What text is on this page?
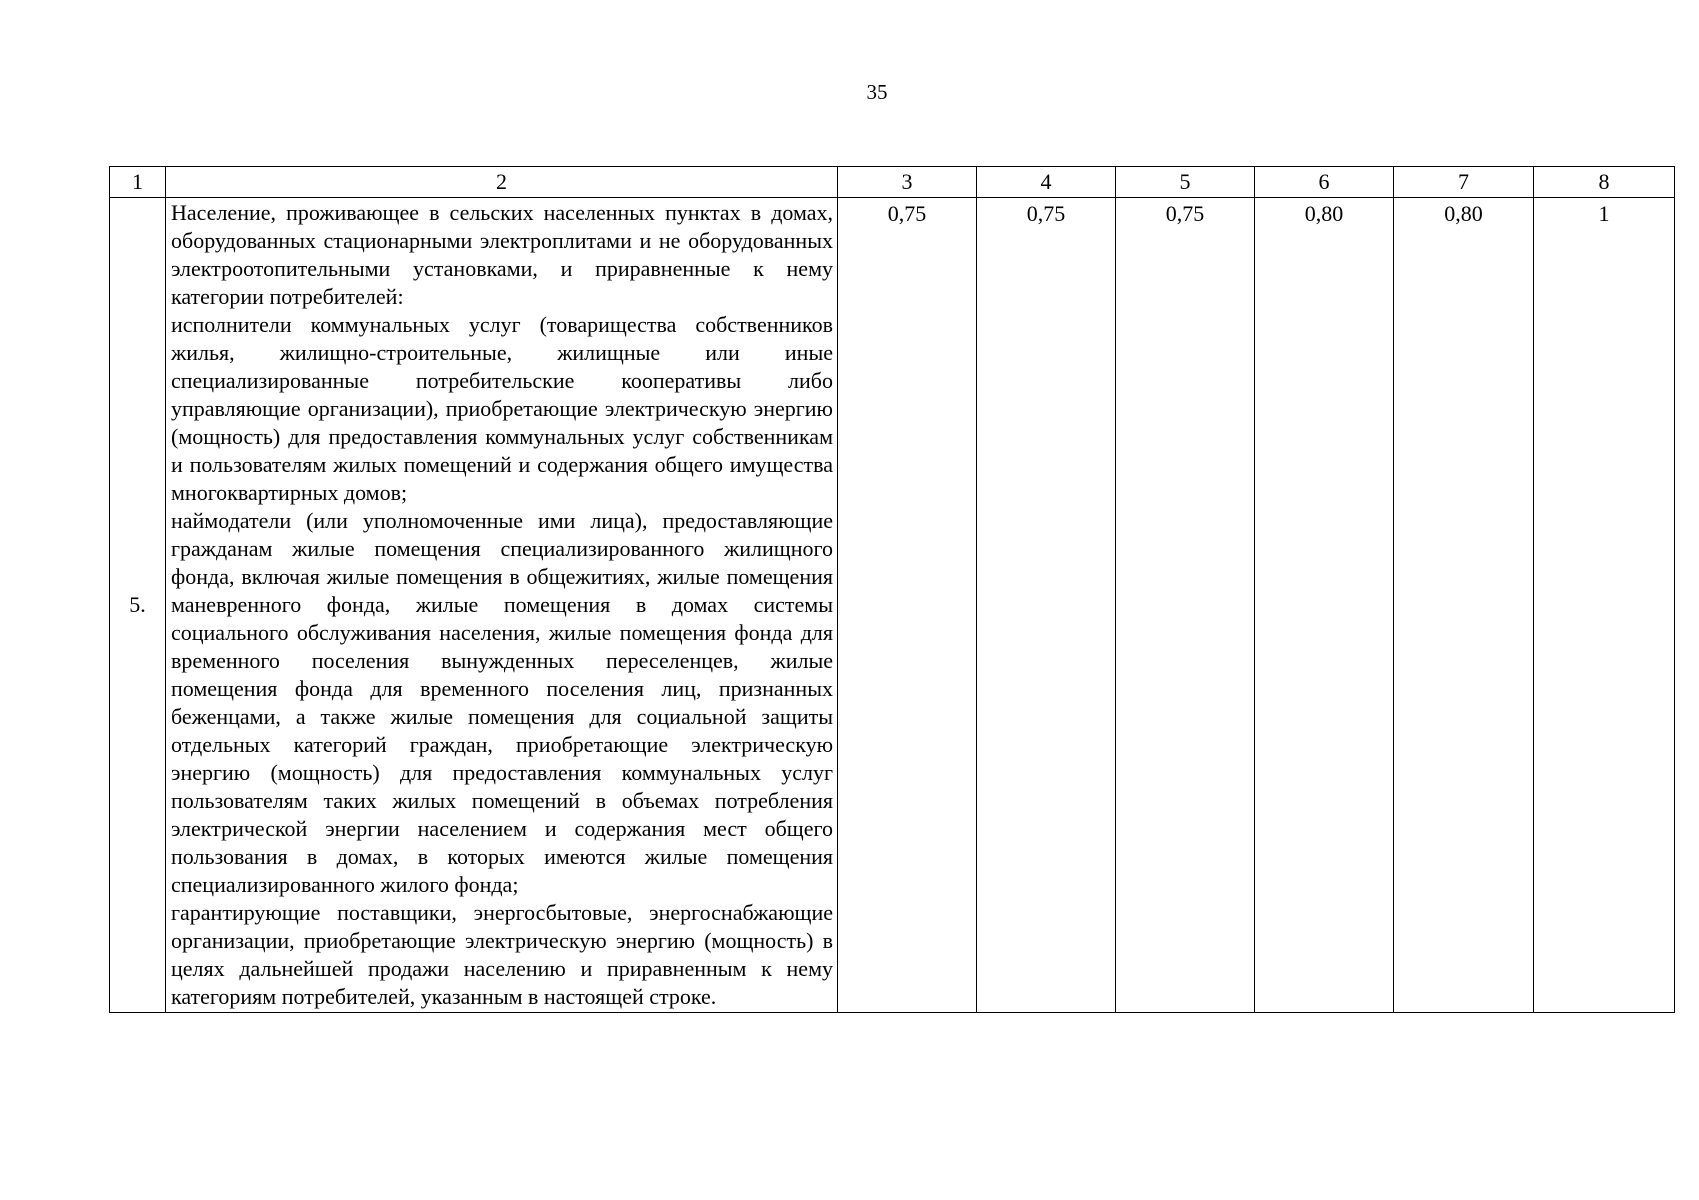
35
1	2	3	4	5	6	7	8
5.	Население, проживающее в сельских населенных пунктах в домах, оборудованных стационарными электроплитами и не оборудованных электроотопительными установками, и приравненные к нему категории потребителей:

исполнители коммунальных услуг (товарищества собственников жилья, жилищно-строительные, жилищные или иные специализированные потребительские кооперативы либо управляющие организации), приобретающие электрическую энергию (мощность) для предоставления коммунальных услуг собственникам и пользователям жилых помещений и содержания общего имущества многоквартирных домов;

наймодатели (или уполномоченные ими лица), предоставляющие гражданам жилые помещения специализированного жилищного фонда, включая жилые помещения в общежитиях, жилые помещения маневренного фонда, жилые помещения в домах системы социального обслуживания населения, жилые помещения фонда для временного поселения вынужденных переселенцев, жилые помещения фонда для временного поселения лиц, признанных беженцами, а также жилые помещения для социальной защиты отдельных категорий граждан, приобретающие электрическую энергию (мощность) для предоставления коммунальных услуг пользователям таких жилых помещений в объемах потребления электрической энергии населением и содержания мест общего пользования в домах, в которых имеются жилые помещения специализированного жилого фонда;

гарантирующие поставщики, энергосбытовые, энергоснабжающие организации, приобретающие электрическую энергию (мощность) в целях дальнейшей продажи населению и приравненным к нему категориям потребителей, указанным в настоящей строке.	0,75	0,75	0,75	0,80	0,80	1
